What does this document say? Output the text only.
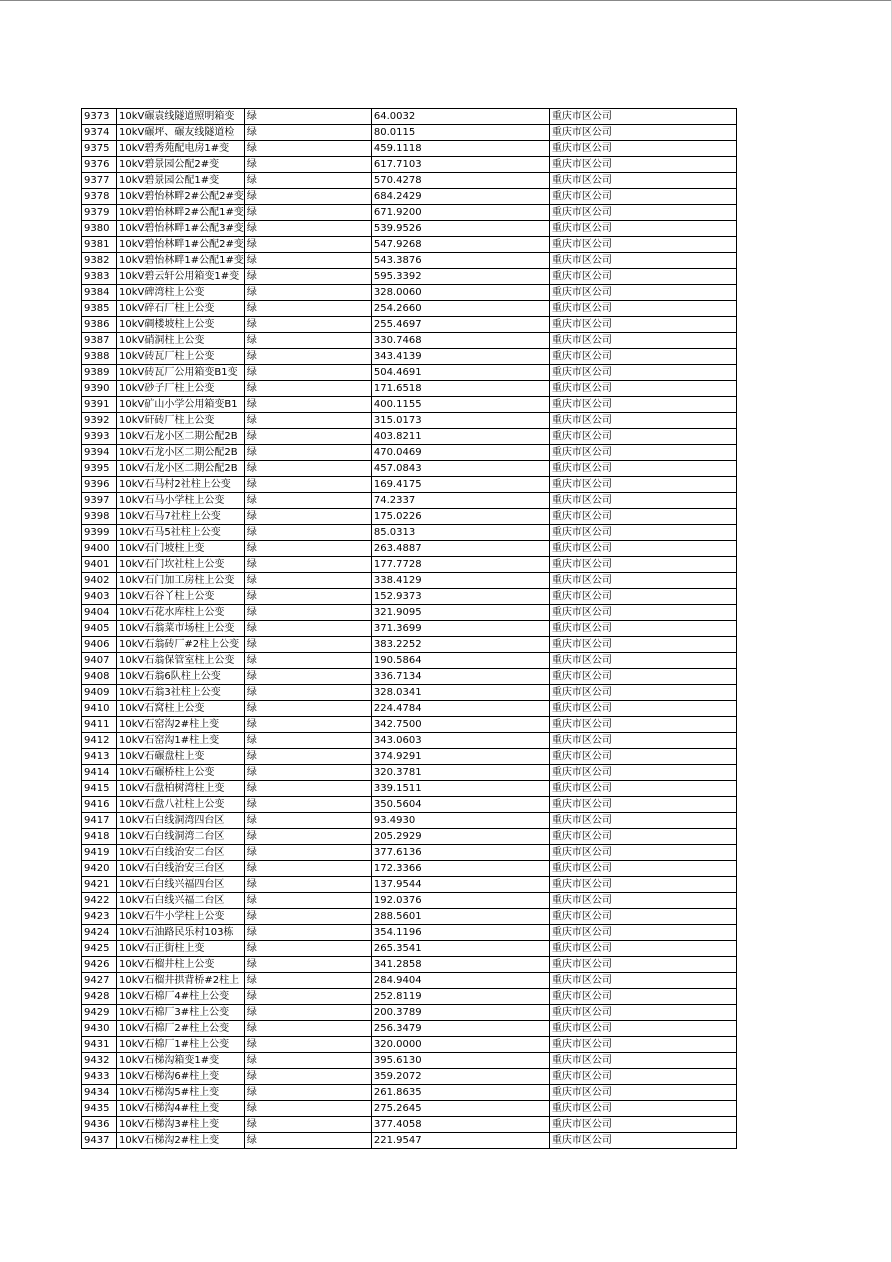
9373	10kV碾袁线隧道照明箱变	绿	64.0032	重庆市区公司
9374	10kV碾坪、碾友线隧道检	绿	80.0115	重庆市区公司
9375	10kV碧秀苑配电房1#变	绿	459.1118	重庆市区公司
9376	10kV碧景园公配2#变	绿	617.7103	重庆市区公司
9377	10kV碧景园公配1#变	绿	570.4278	重庆市区公司
9378	10kV碧怡林畔2#公配2#变	绿	684.2429	重庆市区公司
9379	10kV碧怡林畔2#公配1#变	绿	671.9200	重庆市区公司
9380	10kV碧怡林畔1#公配3#变	绿	539.9526	重庆市区公司
9381	10kV碧怡林畔1#公配2#变	绿	547.9268	重庆市区公司
9382	10kV碧怡林畔1#公配1#变	绿	543.3876	重庆市区公司
9383	10kV碧云轩公用箱变1#变	绿	595.3392	重庆市区公司
9384	10kV碑湾柱上公变	绿	328.0060	重庆市区公司
9385	10kV碎石厂柱上公变	绿	254.2660	重庆市区公司
9386	10kV碉楼坡柱上公变	绿	255.4697	重庆市区公司
9387	10kV硝洞柱上公变	绿	330.7468	重庆市区公司
9388	10kV砖瓦厂柱上公变	绿	343.4139	重庆市区公司
9389	10kV砖瓦厂公用箱变B1变	绿	504.4691	重庆市区公司
9390	10kV砂子厂柱上公变	绿	171.6518	重庆市区公司
9391	10kV矿山小学公用箱变B1	绿	400.1155	重庆市区公司
9392	10kV矸砖厂柱上公变	绿	315.0173	重庆市区公司
9393	10kV石龙小区二期公配2B	绿	403.8211	重庆市区公司
9394	10kV石龙小区二期公配2B	绿	470.0469	重庆市区公司
9395	10kV石龙小区二期公配2B	绿	457.0843	重庆市区公司
9396	10kV石马村2社柱上公变	绿	169.4175	重庆市区公司
9397	10kV石马小学柱上公变	绿	74.2337	重庆市区公司
9398	10kV石马7社柱上公变	绿	175.0226	重庆市区公司
9399	10kV石马5社柱上公变	绿	85.0313	重庆市区公司
9400	10kV石门坡柱上变	绿	263.4887	重庆市区公司
9401	10kV石门坎社柱上公变	绿	177.7728	重庆市区公司
9402	10kV石门加工房柱上公变	绿	338.4129	重庆市区公司
9403	10kV石谷丫柱上公变	绿	152.9373	重庆市区公司
9404	10kV石花水库柱上公变	绿	321.9095	重庆市区公司
9405	10kV石翁菜市场柱上公变	绿	371.3699	重庆市区公司
9406	10kV石翁砖厂#2柱上公变	绿	383.2252	重庆市区公司
9407	10kV石翁保管室柱上公变	绿	190.5864	重庆市区公司
9408	10kV石翁6队柱上公变	绿	336.7134	重庆市区公司
9409	10kV石翁3社柱上公变	绿	328.0341	重庆市区公司
9410	10kV石窝柱上公变	绿	224.4784	重庆市区公司
9411	10kV石窑沟2#柱上变	绿	342.7500	重庆市区公司
9412	10kV石窑沟1#柱上变	绿	343.0603	重庆市区公司
9413	10kV石碾盘柱上变	绿	374.9291	重庆市区公司
9414	10kV石碾桥柱上公变	绿	320.3781	重庆市区公司
9415	10kV石盘柏树湾柱上变	绿	339.1511	重庆市区公司
9416	10kV石盘八社柱上公变	绿	350.5604	重庆市区公司
9417	10kV石白线洞湾四台区	绿	93.4930	重庆市区公司
9418	10kV石白线洞湾二台区	绿	205.2929	重庆市区公司
9419	10kV石白线治安二台区	绿	377.6136	重庆市区公司
9420	10kV石白线治安三台区	绿	172.3366	重庆市区公司
9421	10kV石白线兴福四台区	绿	137.9544	重庆市区公司
9422	10kV石白线兴福二台区	绿	192.0376	重庆市区公司
9423	10kV石牛小学柱上公变	绿	288.5601	重庆市区公司
9424	10kV石油路民乐村103栋	绿	354.1196	重庆市区公司
9425	10kV石正街柱上变	绿	265.3541	重庆市区公司
9426	10kV石榴井柱上公变	绿	341.2858	重庆市区公司
9427	10kV石榴井拱背桥#2柱上	绿	284.9404	重庆市区公司
9428	10kV石棉厂4#柱上公变	绿	252.8119	重庆市区公司
9429	10kV石棉厂3#柱上公变	绿	200.3789	重庆市区公司
9430	10kV石棉厂2#柱上公变	绿	256.3479	重庆市区公司
9431	10kV石棉厂1#柱上公变	绿	320.0000	重庆市区公司
9432	10kV石梯沟箱变1#变	绿	395.6130	重庆市区公司
9433	10kV石梯沟6#柱上变	绿	359.2072	重庆市区公司
9434	10kV石梯沟5#柱上变	绿	261.8635	重庆市区公司
9435	10kV石梯沟4#柱上变	绿	275.2645	重庆市区公司
9436	10kV石梯沟3#柱上变	绿	377.4058	重庆市区公司
9437	10kV石梯沟2#柱上变	绿	221.9547	重庆市区公司
